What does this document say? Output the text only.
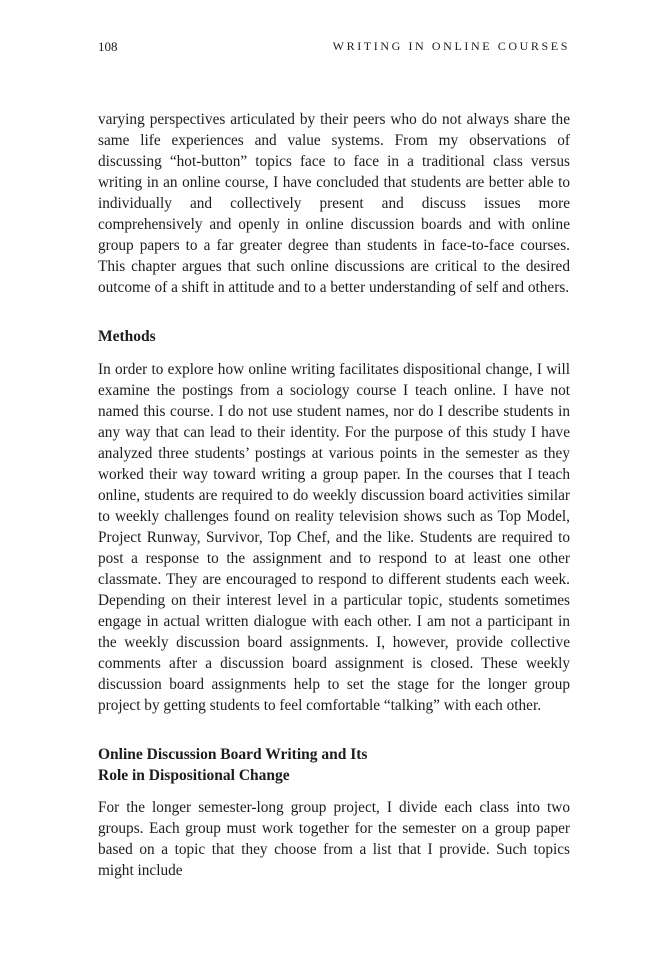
108	WRITING IN ONLINE COURSES

varying perspectives articulated by their peers who do not always share the same life experiences and value systems. From my observations of discussing “hot-button” topics face to face in a traditional class versus writing in an online course, I have concluded that students are better able to individually and collectively present and discuss issues more comprehensively and openly in online discussion boards and with online group papers to a far greater degree than students in face-to-face courses. This chapter argues that such online discussions are critical to the desired outcome of a shift in attitude and to a better understanding of self and others.

Methods

In order to explore how online writing facilitates dispositional change, I will examine the postings from a sociology course I teach online. I have not named this course. I do not use student names, nor do I describe students in any way that can lead to their identity. For the purpose of this study I have analyzed three students’ postings at various points in the semester as they worked their way toward writing a group paper. In the courses that I teach online, students are required to do weekly discussion board activities similar to weekly challenges found on reality television shows such as Top Model, Project Runway, Survivor, Top Chef, and the like. Students are required to post a response to the assignment and to respond to at least one other classmate. They are encouraged to respond to different students each week. Depending on their interest level in a particular topic, students sometimes engage in actual written dialogue with each other. I am not a participant in the weekly discussion board assignments. I, however, provide collective comments after a discussion board assignment is closed. These weekly discussion board assignments help to set the stage for the longer group project by getting students to feel comfortable “talking” with each other.

Online Discussion Board Writing and Its
Role in Dispositional Change

For the longer semester-long group project, I divide each class into two groups. Each group must work together for the semester on a group paper based on a topic that they choose from a list that I provide. Such topics might include
